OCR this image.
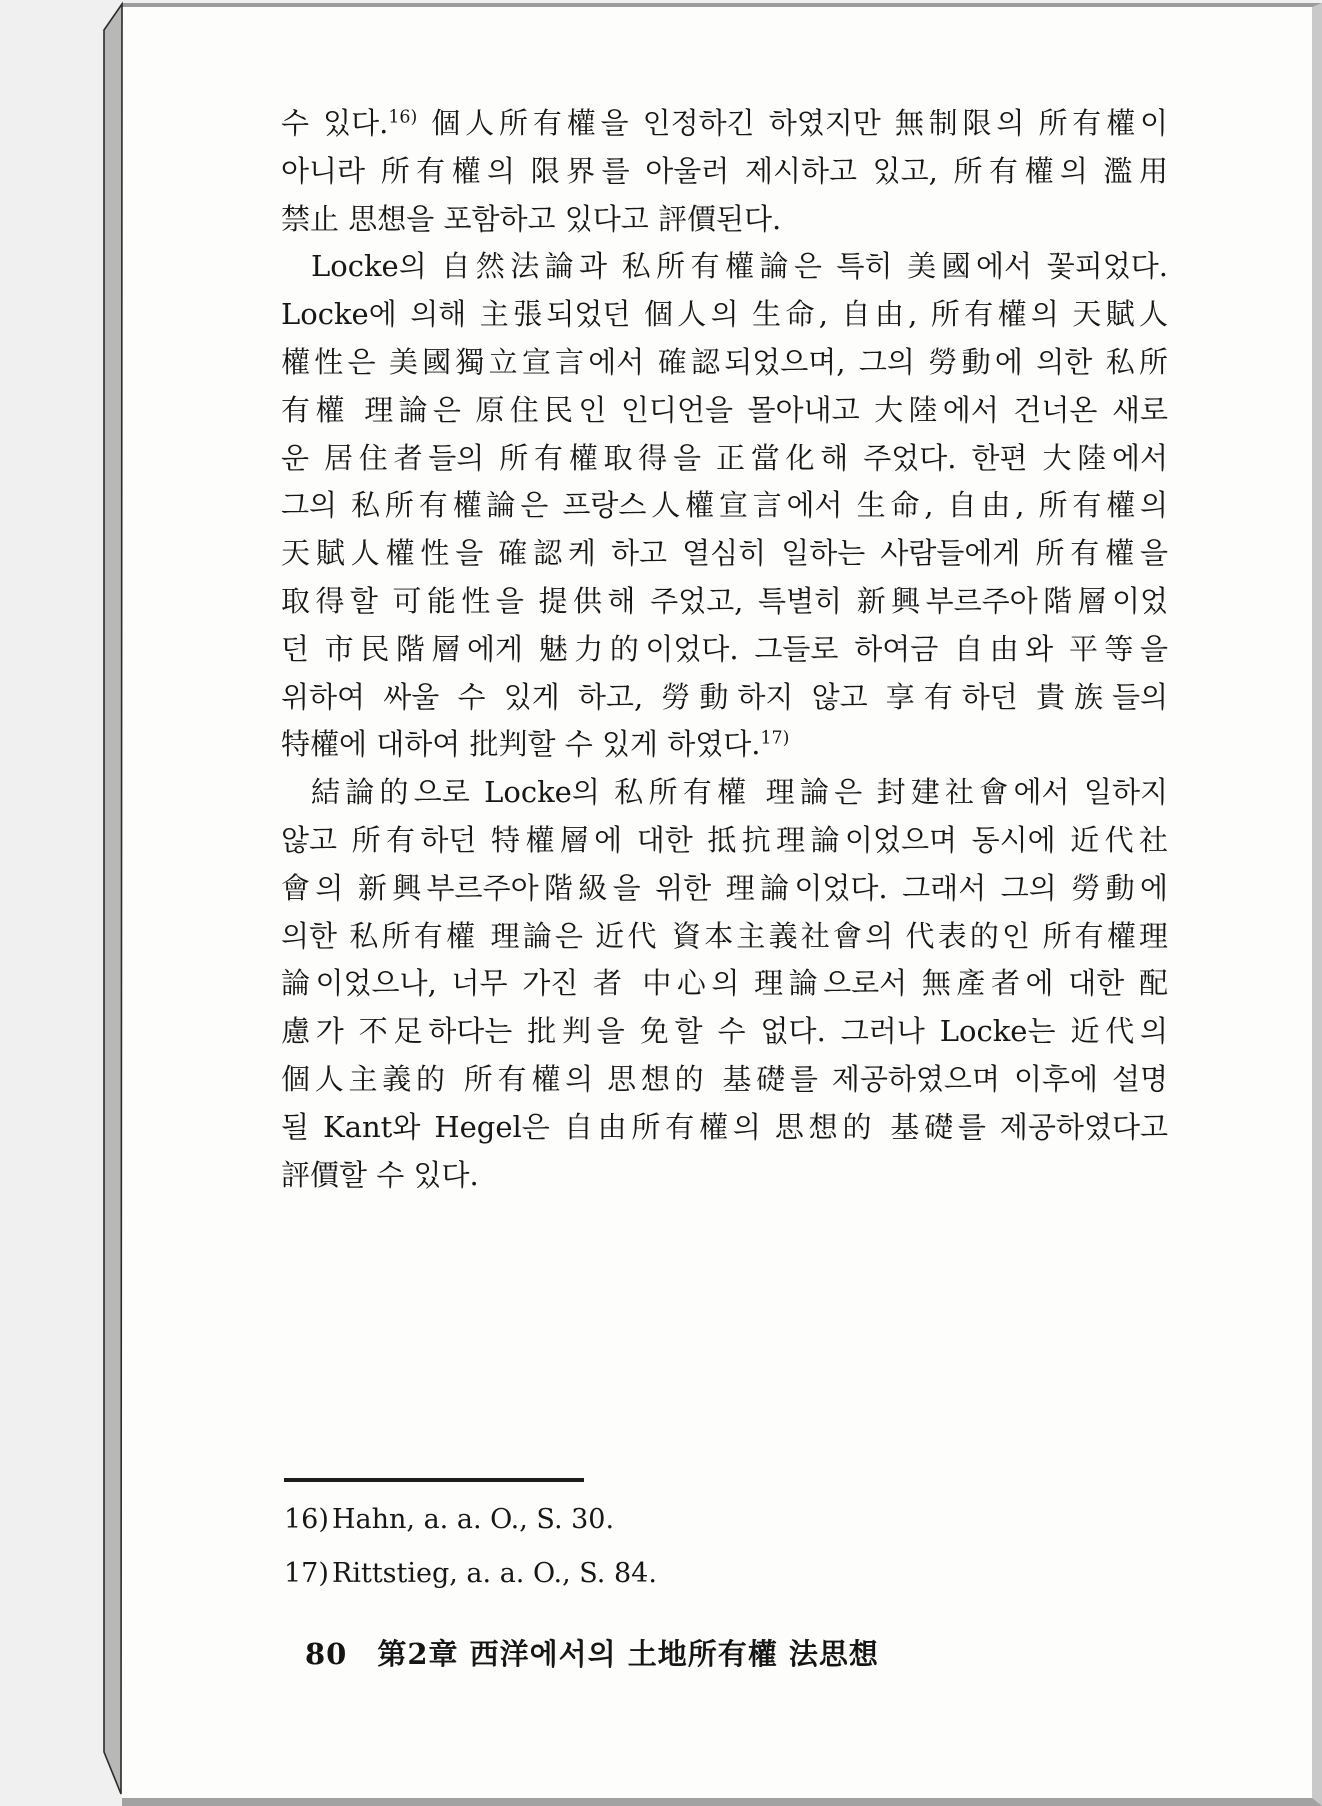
수 있다.$^{16)}$ 個人所有權을 인정하긴 하였지만 無制限의 所有權이
아니라 所有權의 限界를 아울러 제시하고 있고, 所有權의 濫用
禁止 思想을 포함하고 있다고 評價된다.
Locke의 自然法論과 私所有權論은 특히 美國에서 꽃피었다.
Locke에 의해 主張되었던 個人의 生命, 自由, 所有權의 天賦人
權性은 美國獨立宣言에서 確認되었으며, 그의 勞動에 의한 私所
有權 理論은 原住民인 인디언을 몰아내고 大陸에서 건너온 새로
운 居住者들의 所有權取得을 正當化해 주었다. 한편 大陸에서
그의 私所有權論은 프랑스人權宣言에서 生命, 自由, 所有權의
天賦人權性을 確認케 하고 열심히 일하는 사람들에게 所有權을
取得할 可能性을 提供해 주었고, 특별히 新興부르주아階層이었
던 市民階層에게 魅力的이었다. 그들로 하여금 自由와 平等을
위하여 싸울 수 있게 하고, 勞動하지 않고 享有하던 貴族들의
特權에 대하여 批判할 수 있게 하였다.$^{17)}$
結論的으로 Locke의 私所有權 理論은 封建社會에서 일하지
않고 所有하던 特權層에 대한 抵抗理論이었으며 동시에 近代社
會의 新興부르주아階級을 위한 理論이었다. 그래서 그의 勞動에
의한 私所有權 理論은 近代 資本主義社會의 代表的인 所有權理
論이었으나, 너무 가진 者 中心의 理論으로서 無產者에 대한 配
慮가 不足하다는 批判을 免할 수 없다. 그러나 Locke는 近代의
個人主義的 所有權의 思想的 基礎를 제공하였으며 이후에 설명
될 Kant와 Hegel은 自由所有權의 思想的 基礎를 제공하였다고
評價할 수 있다.
16) Hahn, a. a. O., S. 30.
17) Rittstieg, a. a. O., S. 84.
80 第2章 西洋에서의 土地所有權 法思想
